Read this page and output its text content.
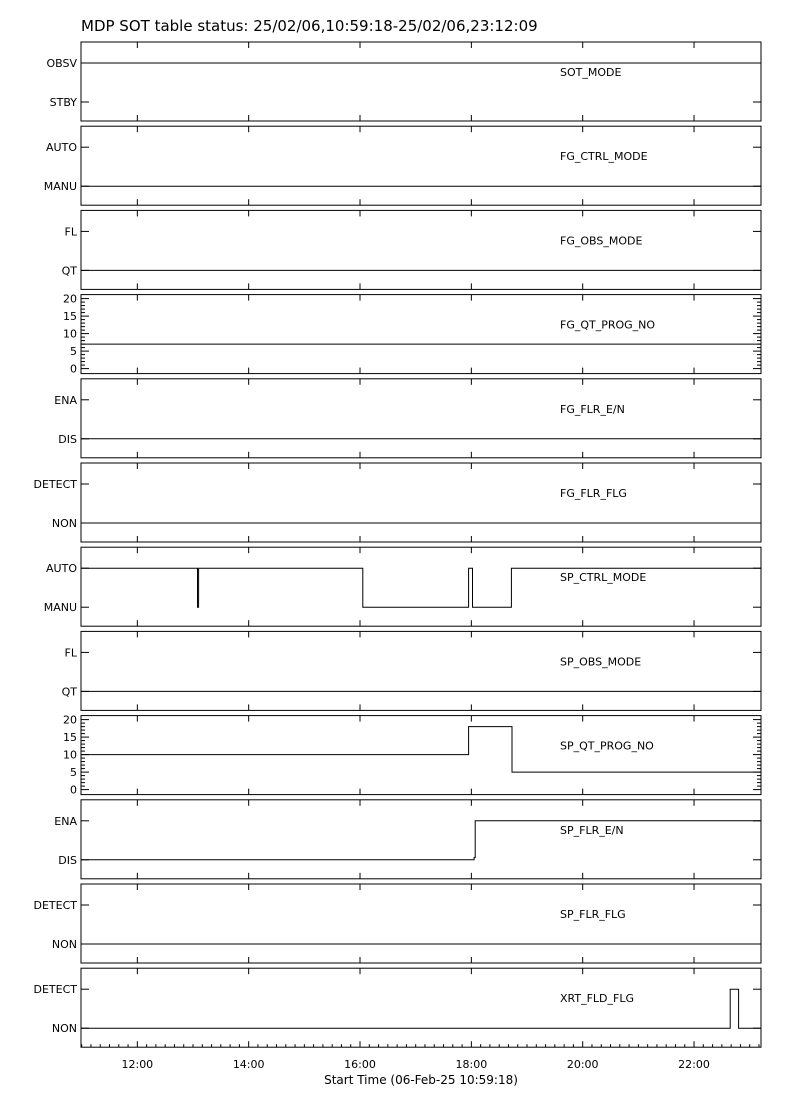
MDP SOT table status: 25/02/06,10:59:18-25/02/06,23:12:09
STBY
OBSV
SOT_MODE
MANU
AUTO
FG_CTRL_MODE
QT
FL
FG_OBS_MODE
0
5
10
15
20
FG_QT_PROG_NO
DIS
ENA
FG_FLR_E/N
NON
DETECT
FG_FLR_FLG
MANU
AUTO
SP_CTRL_MODE
QT
FL
SP_OBS_MODE
0
5
10
15
20
SP_QT_PROG_NO
DIS
ENA
SP_FLR_E/N
NON
DETECT
SP_FLR_FLG
NON
DETECT
XRT_FLD_FLG
12:00	14:00	16:00	18:00	20:00	22:00
Start Time (06-Feb-25 10:59:18)
